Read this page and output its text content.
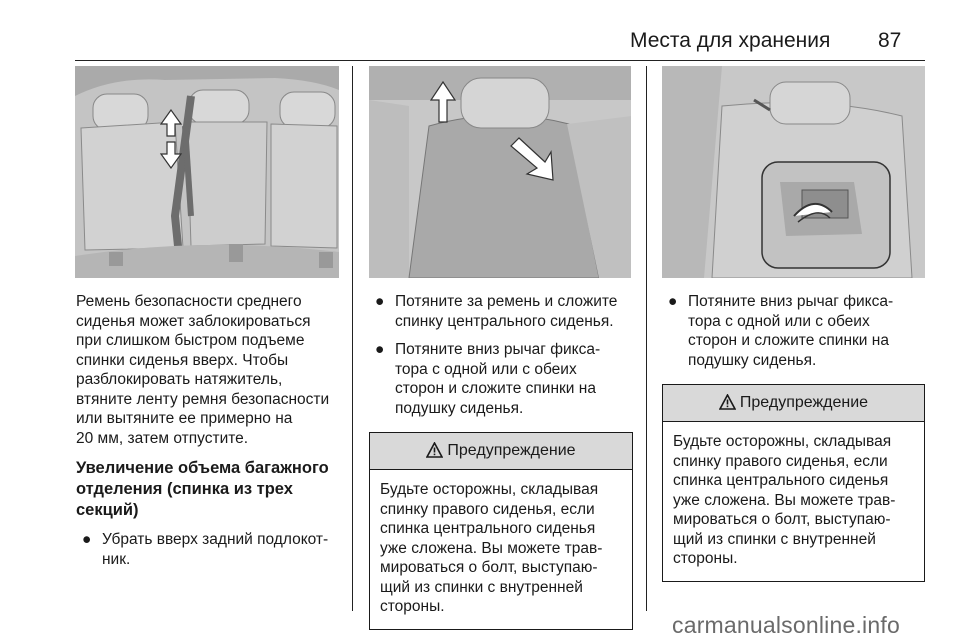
Места для хранения 87

Ремень безопасности среднего
сиденья может заблокироваться
при слишком быстром подъеме
спинки сиденья вверх. Чтобы
разблокировать натяжитель,
втяните ленту ремня безопасности
или вытяните ее примерно на
20 мм, затем отпустите.

Увеличение объема багажного
отделения (спинка из трех
секций)

● Убрать вверх задний подлокот-
ник.

● Потяните за ремень и сложите
спинку центрального сиденья.

● Потяните вниз рычаг фикса-
тора с одной или с обеих
сторон и сложите спинки на
подушку сиденья.

Предупреждение
Будьте осторожны, складывая
спинку правого сиденья, если
спинка центрального сиденья
уже сложена. Вы можете трав-
мироваться о болт, выступаю-
щий из спинки с внутренней
стороны.

● Потяните вниз рычаг фикса-
тора с одной или с обеих
сторон и сложите спинки на
подушку сиденья.

Предупреждение
Будьте осторожны, складывая
спинку правого сиденья, если
спинка центрального сиденья
уже сложена. Вы можете трав-
мироваться о болт, выступаю-
щий из спинки с внутренней
стороны.
carmanualsonline.info
